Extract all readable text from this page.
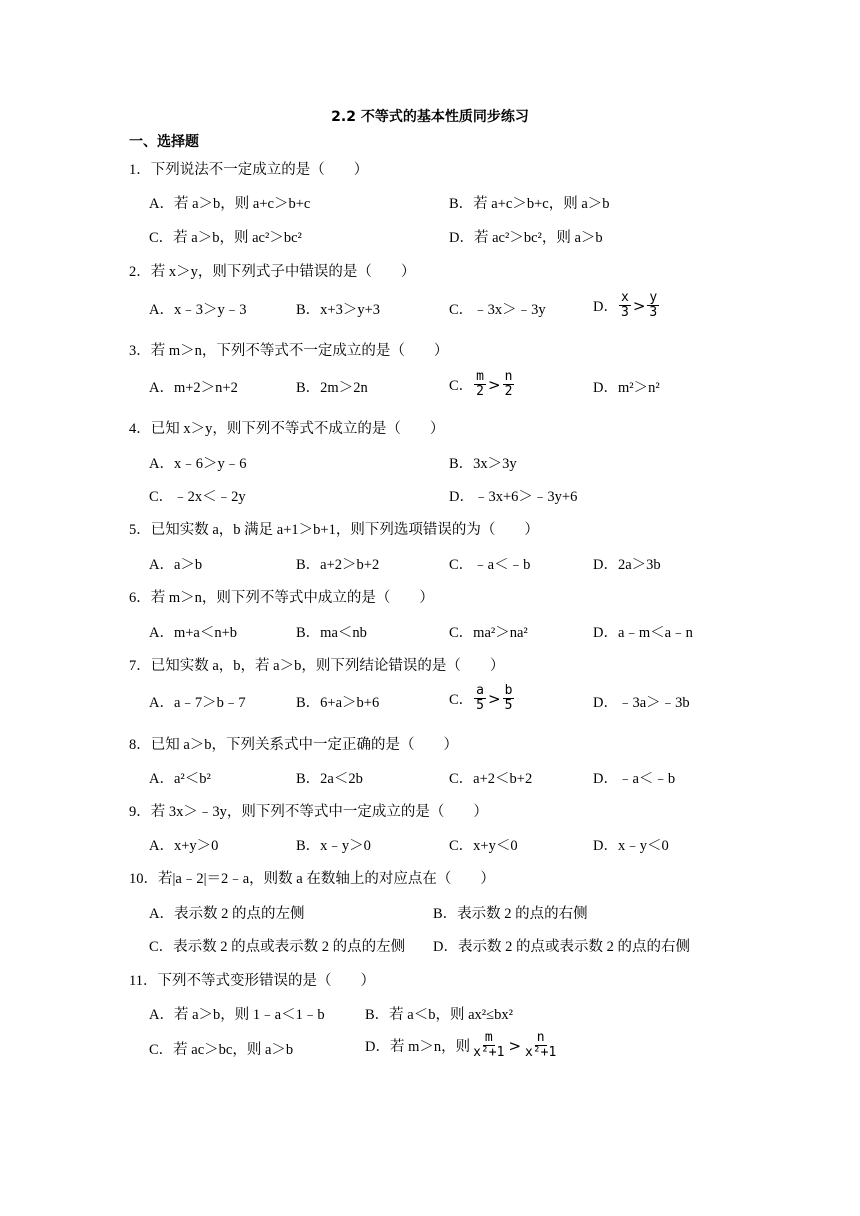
2.2 不等式的基本性质同步练习
一、选择题
1．下列说法不一定成立的是（　　）
A．若 a＞b，则 a+c＞b+c	B．若 a+c＞b+c，则 a＞b
C．若 a＞b，则 ac²＞bc²	D．若 ac²＞bc²，则 a＞b
2．若 x＞y，则下列式子中错误的是（　　）
A．x﹣3＞y﹣3	B．x+3＞y+3	C．﹣3x＞﹣3y	D． $\frac{x}{3} > \frac{y}{3}$
3．若 m＞n，下列不等式不一定成立的是（　　）
A．m+2＞n+2	B．2m＞2n	C． $\frac{m}{2} > \frac{n}{2}$	D．m²＞n²
4．已知 x＞y，则下列不等式不成立的是（　　）
A．x﹣6＞y﹣6	B．3x＞3y
C．﹣2x＜﹣2y	D．﹣3x+6＞﹣3y+6
5．已知实数 a，b 满足 a+1＞b+1，则下列选项错误的为（　　）
A．a＞b	B．a+2＞b+2	C．﹣a＜﹣b	D．2a＞3b
6．若 m＞n，则下列不等式中成立的是（　　）
A．m+a＜n+b	B．ma＜nb	C．ma²＞na²	D．a﹣m＜a﹣n
7．已知实数 a，b，若 a＞b，则下列结论错误的是（　　）
A．a﹣7＞b﹣7	B．6+a＞b+6	C． $\frac{a}{5} > \frac{b}{5}$	D．﹣3a＞﹣3b
8．已知 a＞b，下列关系式中一定正确的是（　　）
A．a²＜b²	B．2a＜2b	C．a+2＜b+2	D．﹣a＜﹣b
9．若 3x＞﹣3y，则下列不等式中一定成立的是（　　）
A．x+y＞0	B．x﹣y＞0	C．x+y＜0	D．x﹣y＜0
10．若|a﹣2|＝2﹣a，则数 a 在数轴上的对应点在（　　）
A．表示数 2 的点的左侧	B．表示数 2 的点的右侧
C．表示数 2 的点或表示数 2 的点的左侧 D．表示数 2 的点或表示数 2 的点的右侧
11．下列不等式变形错误的是（　　）
A．若 a＞b，则 1﹣a＜1﹣b	B．若 a＜b，则 ax²≤bx²
C．若 ac＞bc，则 a＞b	D．若 m＞n，则 $\frac{m}{\text{x²+1}} > \frac{n}{\text{x²+1}}$
